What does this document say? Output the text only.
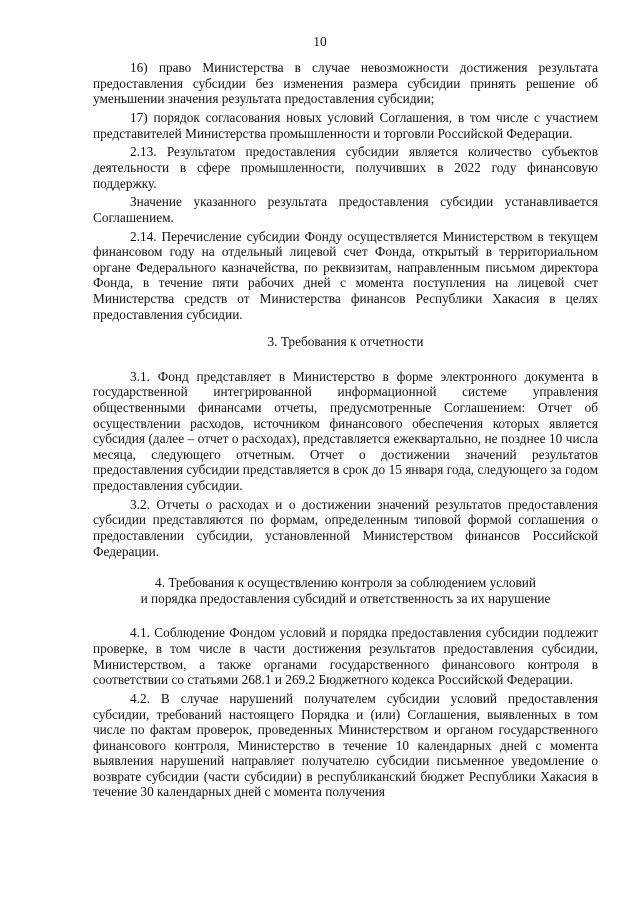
10

16) право Министерства в случае невозможности достижения результата предоставления субсидии без изменения размера субсидии принять решение об уменьшении значения результата предоставления субсидии;

17) порядок согласования новых условий Соглашения, в том числе с участием представителей Министерства промышленности и торговли Российской Федерации.

2.13. Результатом предоставления субсидии является количество субъектов деятельности в сфере промышленности, получивших в 2022 году финансовую поддержку.

Значение указанного результата предоставления субсидии устанавливается Соглашением.

2.14. Перечисление субсидии Фонду осуществляется Министерством в текущем финансовом году на отдельный лицевой счет Фонда, открытый в территориальном органе Федерального казначейства, по реквизитам, направленным письмом директора Фонда, в течение пяти рабочих дней с момента поступления на лицевой счет Министерства средств от Министерства финансов Республики Хакасия в целях предоставления субсидии.

3. Требования к отчетности

3.1. Фонд представляет в Министерство в форме электронного документа в государственной интегрированной информационной системе управления общественными финансами отчеты, предусмотренные Соглашением: Отчет об осуществлении расходов, источником финансового обеспечения которых является субсидия (далее – отчет о расходах), представляется ежеквартально, не позднее 10 числа месяца, следующего отчетным. Отчет о достижении значений результатов предоставления субсидии представляется в срок до 15 января года, следующего за годом предоставления субсидии.

3.2. Отчеты о расходах и о достижении значений результатов предоставления субсидии представляются по формам, определенным типовой формой соглашения о предоставлении субсидии, установленной Министерством финансов Российской Федерации.

4. Требования к осуществлению контроля за соблюдением условий
и порядка предоставления субсидий и ответственность за их нарушение

4.1. Соблюдение Фондом условий и порядка предоставления субсидии подлежит проверке, в том числе в части достижения результатов предоставления субсидии, Министерством, а также органами государственного финансового контроля в соответствии со статьями 268.1 и 269.2 Бюджетного кодекса Российской Федерации.

4.2. В случае нарушений получателем субсидии условий предоставления субсидии, требований настоящего Порядка и (или) Соглашения, выявленных в том числе по фактам проверок, проведенных Министерством и органом государственного финансового контроля, Министерство в течение 10 календарных дней с момента выявления нарушений направляет получателю субсидии письменное уведомление о возврате субсидии (части субсидии) в республиканский бюджет Республики Хакасия в течение 30 календарных дней с момента получения
